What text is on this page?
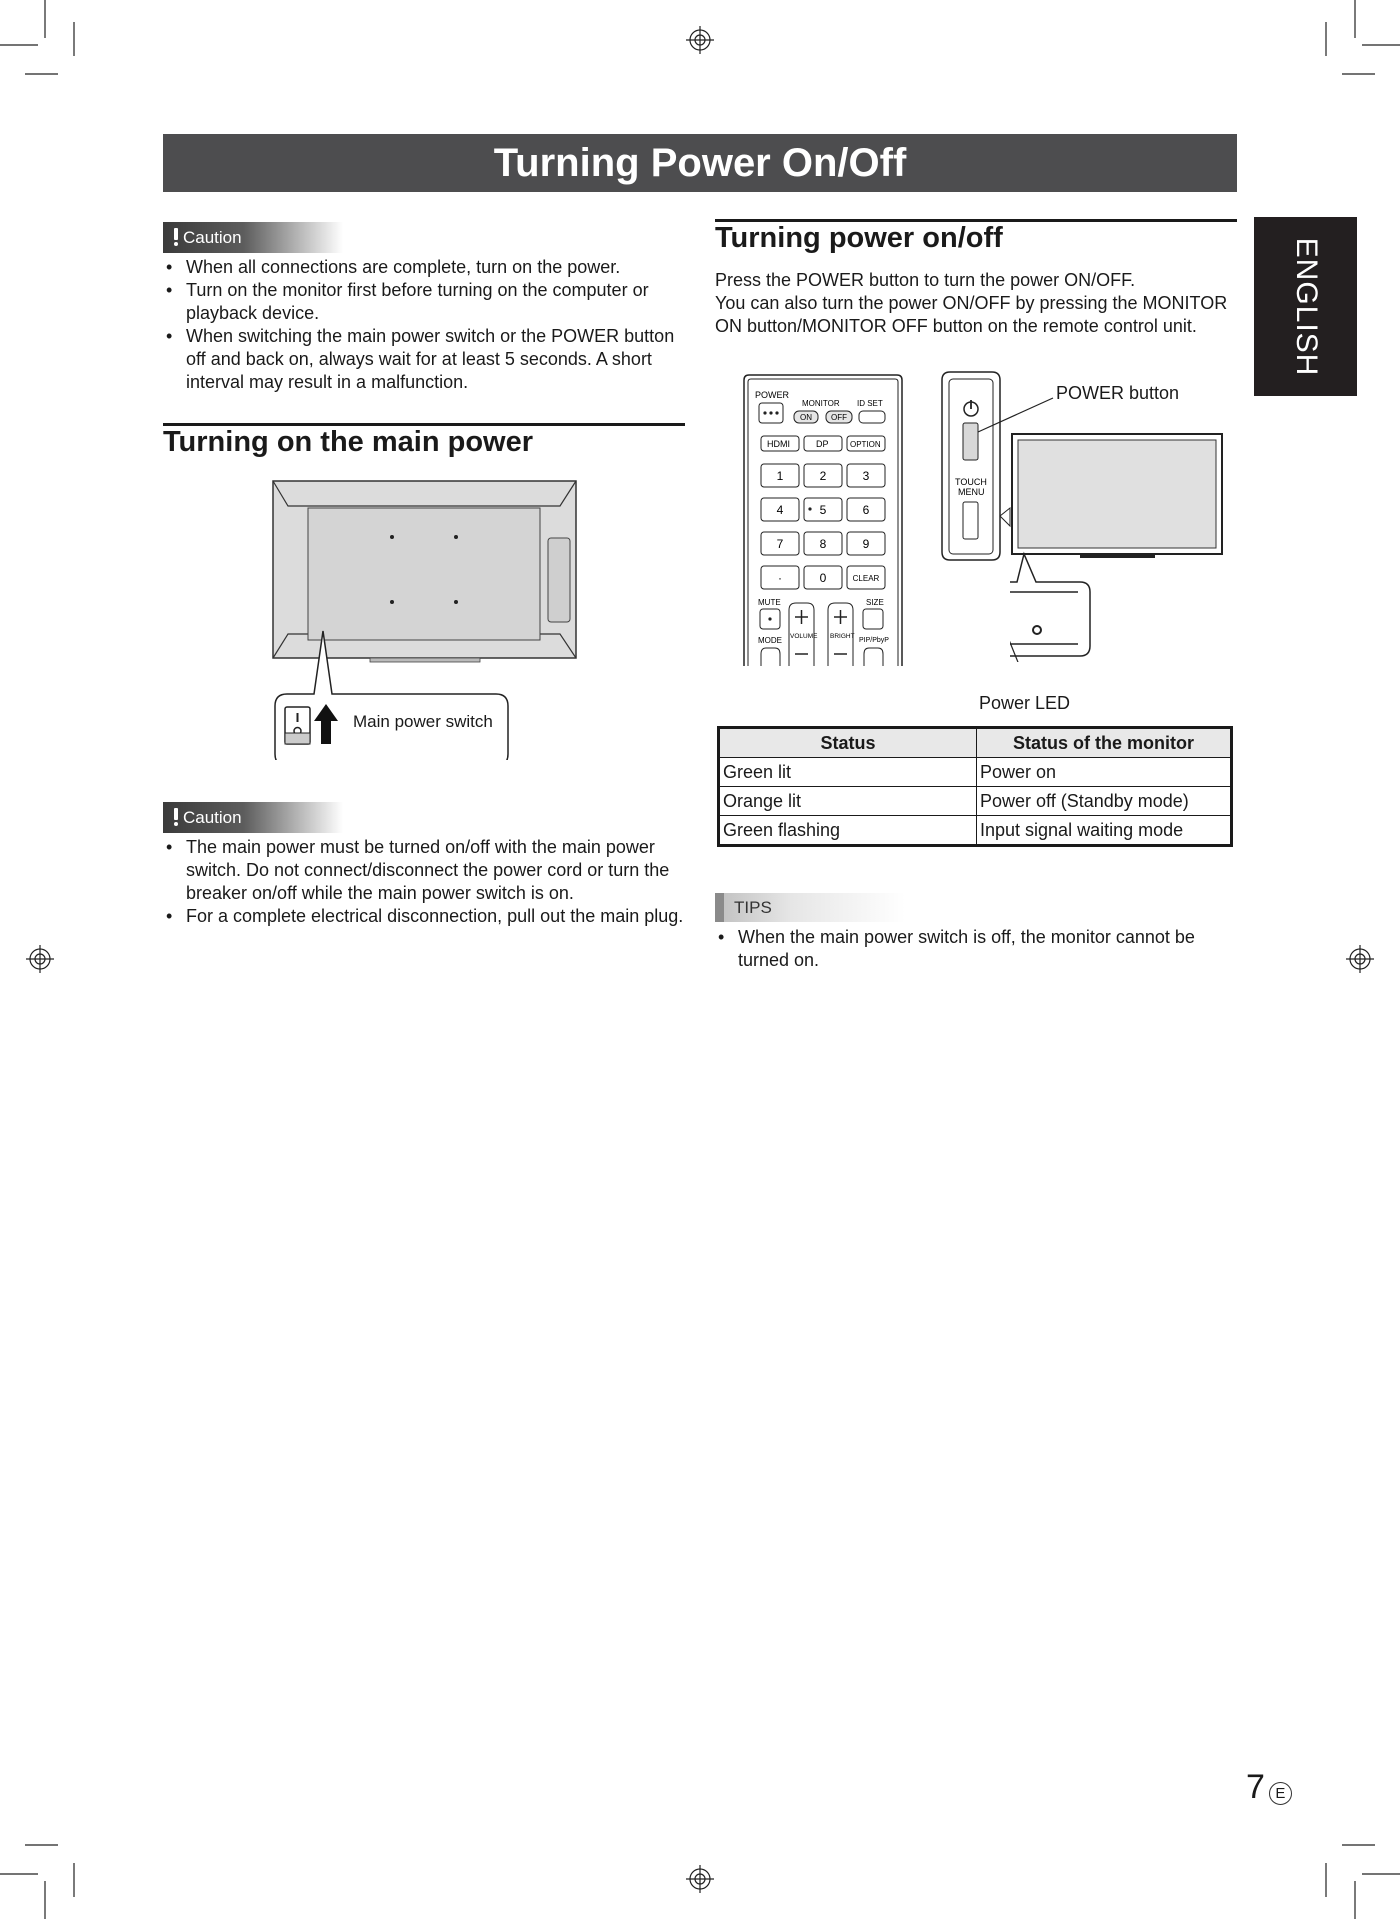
Turning Power On/Off
ENGLISH
Caution
• When all connections are complete, turn on the power.
• Turn on the monitor first before turning on the computer or playback device.
• When switching the main power switch or the POWER button off and back on, always wait for at least 5 seconds. A short interval may result in a malfunction.
Turning on the main power
Main power switch
Caution
• The main power must be turned on/off with the main power switch. Do not connect/disconnect the power cord or turn the breaker on/off while the main power switch is on.
• For a complete electrical disconnection, pull out the main plug.
Turning power on/off
Press the POWER button to turn the power ON/OFF.
You can also turn the power ON/OFF by pressing the MONITOR ON button/MONITOR OFF button on the remote control unit.
POWER
MONITOR ID SET
ON OFF
HDMI	DP	OPTION
1	2	3
4	5	6
7	8	9
·	0	CLEAR
MUTE	SIZE
VOLUME BRIGHT
MODE	PIP/PbyP
TOUCH
MENU
POWER button
Power LED
Status	Status of the monitor
Green lit	Power on
Orange lit	Power off (Standby mode)
Green flashing	Input signal waiting mode
TIPS
• When the main power switch is off, the monitor cannot be turned on.
7 E
